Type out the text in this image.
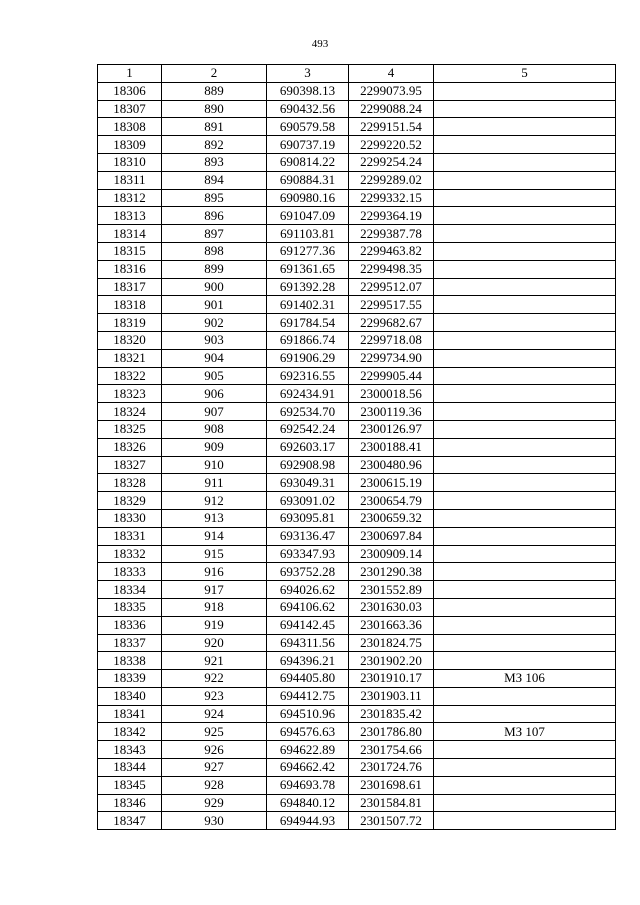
493
1	2	3	4	5
18306	889	690398.13	2299073.95	
18307	890	690432.56	2299088.24	
18308	891	690579.58	2299151.54	
18309	892	690737.19	2299220.52	
18310	893	690814.22	2299254.24	
18311	894	690884.31	2299289.02	
18312	895	690980.16	2299332.15	
18313	896	691047.09	2299364.19	
18314	897	691103.81	2299387.78	
18315	898	691277.36	2299463.82	
18316	899	691361.65	2299498.35	
18317	900	691392.28	2299512.07	
18318	901	691402.31	2299517.55	
18319	902	691784.54	2299682.67	
18320	903	691866.74	2299718.08	
18321	904	691906.29	2299734.90	
18322	905	692316.55	2299905.44	
18323	906	692434.91	2300018.56	
18324	907	692534.70	2300119.36	
18325	908	692542.24	2300126.97	
18326	909	692603.17	2300188.41	
18327	910	692908.98	2300480.96	
18328	911	693049.31	2300615.19	
18329	912	693091.02	2300654.79	
18330	913	693095.81	2300659.32	
18331	914	693136.47	2300697.84	
18332	915	693347.93	2300909.14	
18333	916	693752.28	2301290.38	
18334	917	694026.62	2301552.89	
18335	918	694106.62	2301630.03	
18336	919	694142.45	2301663.36	
18337	920	694311.56	2301824.75	
18338	921	694396.21	2301902.20	
18339	922	694405.80	2301910.17	МЗ 106
18340	923	694412.75	2301903.11	
18341	924	694510.96	2301835.42	
18342	925	694576.63	2301786.80	МЗ 107
18343	926	694622.89	2301754.66	
18344	927	694662.42	2301724.76	
18345	928	694693.78	2301698.61	
18346	929	694840.12	2301584.81	
18347	930	694944.93	2301507.72	
